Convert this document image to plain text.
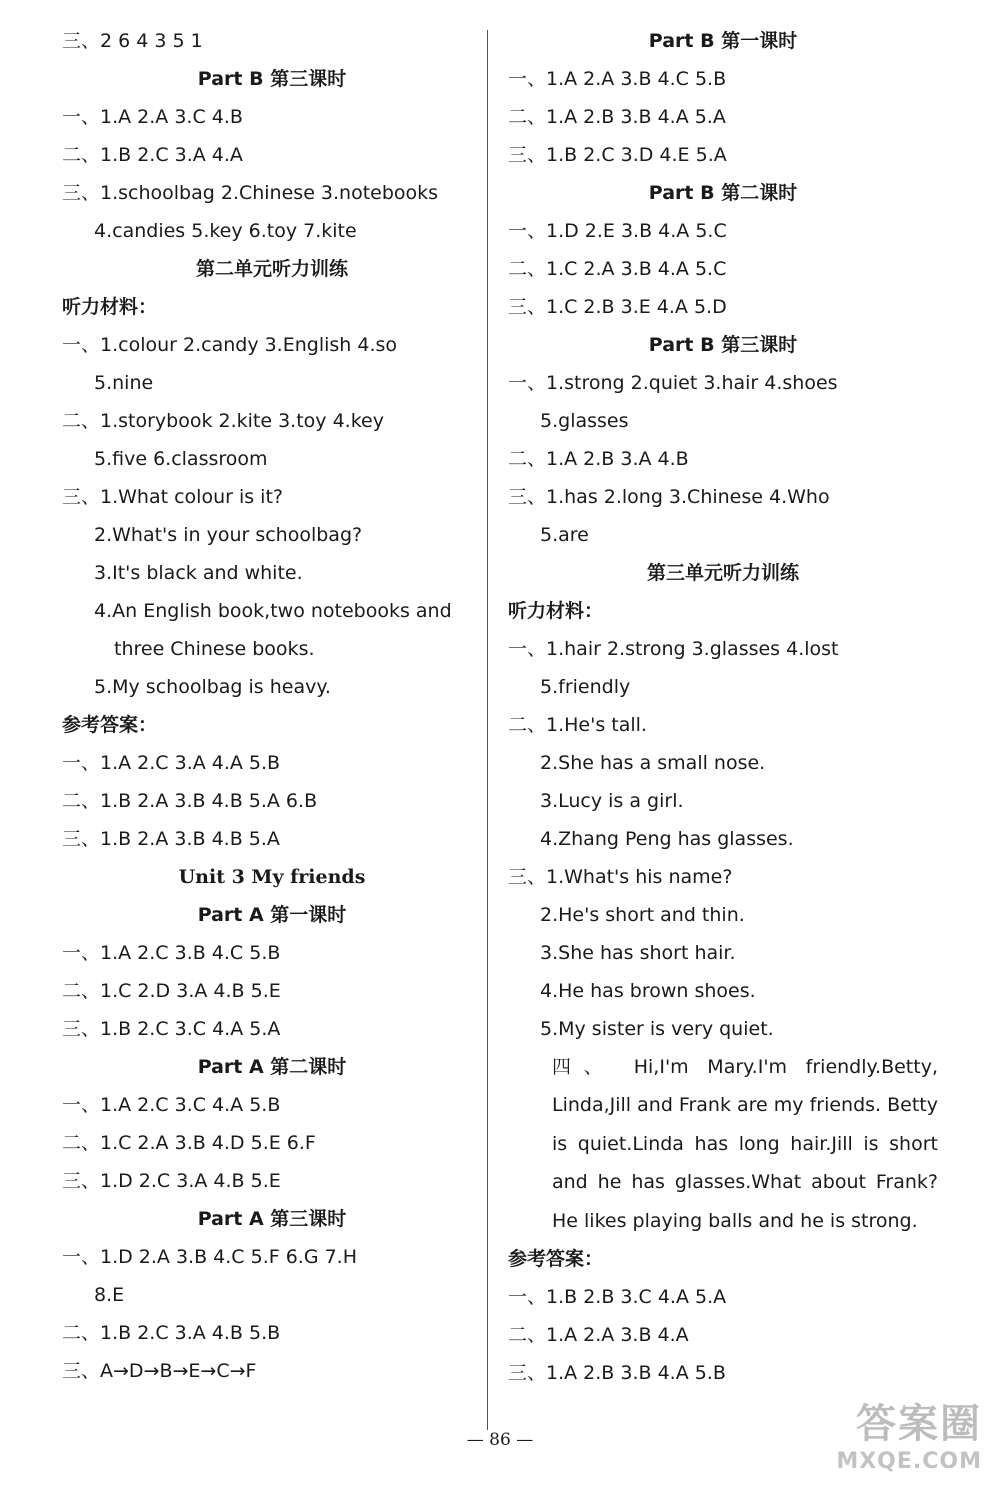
三、2 6 4 3 5 1
Part B 第三课时
一、1.A 2.A 3.C 4.B
二、1.B 2.C 3.A 4.A
三、1.schoolbag 2.Chinese 3.notebooks
4.candies 5.key 6.toy 7.kite
第二单元听力训练
听力材料：
一、1.colour 2.candy 3.English 4.so
5.nine
二、1.storybook 2.kite 3.toy 4.key
5.five 6.classroom
三、1.What colour is it?
2.What's in your schoolbag?
3.It's black and white.
4.An English book,two notebooks and
three Chinese books.
5.My schoolbag is heavy.
参考答案：
一、1.A 2.C 3.A 4.A 5.B
二、1.B 2.A 3.B 4.B 5.A 6.B
三、1.B 2.A 3.B 4.B 5.A
Unit 3 My friends
Part A 第一课时
一、1.A 2.C 3.B 4.C 5.B
二、1.C 2.D 3.A 4.B 5.E
三、1.B 2.C 3.C 4.A 5.A
Part A 第二课时
一、1.A 2.C 3.C 4.A 5.B
二、1.C 2.A 3.B 4.D 5.E 6.F
三、1.D 2.C 3.A 4.B 5.E
Part A 第三课时
一、1.D 2.A 3.B 4.C 5.F 6.G 7.H
8.E
二、1.B 2.C 3.A 4.B 5.B
三、A→D→B→E→C→F
Part B 第一课时
一、1.A 2.A 3.B 4.C 5.B
二、1.A 2.B 3.B 4.A 5.A
三、1.B 2.C 3.D 4.E 5.A
Part B 第二课时
一、1.D 2.E 3.B 4.A 5.C
二、1.C 2.A 3.B 4.A 5.C
三、1.C 2.B 3.E 4.A 5.D
Part B 第三课时
一、1.strong 2.quiet 3.hair 4.shoes
5.glasses
二、1.A 2.B 3.A 4.B
三、1.has 2.long 3.Chinese 4.Who
5.are
第三单元听力训练
听力材料：
一、1.hair 2.strong 3.glasses 4.lost
5.friendly
二、1.He's tall.
2.She has a small nose.
3.Lucy is a girl.
4.Zhang Peng has glasses.
三、1.What's his name?
2.He's short and thin.
3.She has short hair.
4.He has brown shoes.
5.My sister is very quiet.
四、 Hi,I'm Mary.I'm friendly.Betty, Linda,Jill and Frank are my friends. Betty is quiet.Linda has long hair.Jill is short and he has glasses.What about Frank? He likes playing balls and he is strong.
参考答案：
一、1.B 2.B 3.C 4.A 5.A
二、1.A 2.A 3.B 4.A
三、1.A 2.B 3.B 4.A 5.B
— 86 —	答案圈
MXQE.COM
